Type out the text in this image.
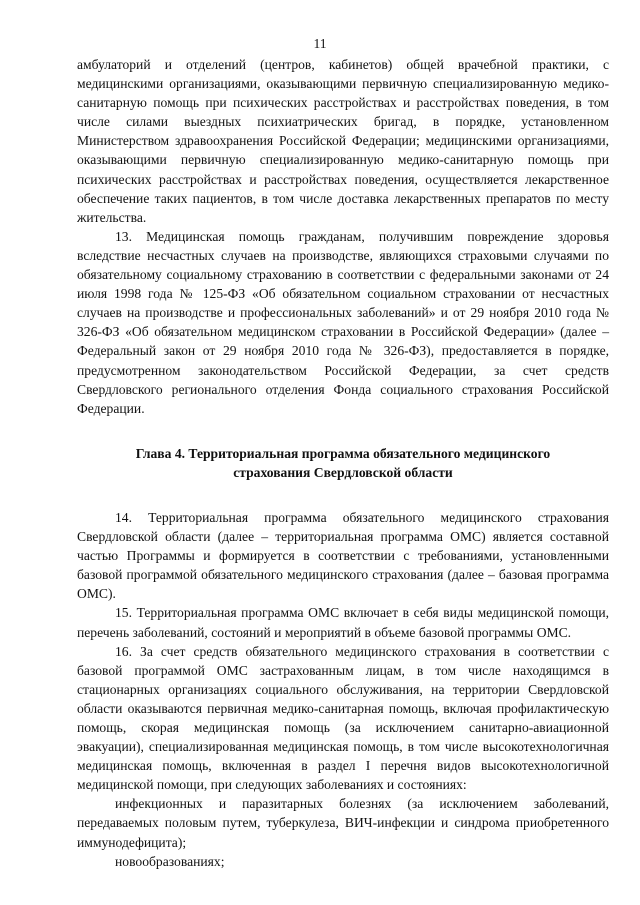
11

амбулаторий и отделений (центров, кабинетов) общей врачебной практики, с медицинскими организациями, оказывающими первичную специализированную медико-санитарную помощь при психических расстройствах и расстройствах поведения, в том числе силами выездных психиатрических бригад, в порядке, установленном Министерством здравоохранения Российской Федерации; медицинскими организациями, оказывающими первичную специализированную медико-санитарную помощь при психических расстройствах и расстройствах поведения, осуществляется лекарственное обеспечение таких пациентов, в том числе доставка лекарственных препаратов по месту жительства.

13. Медицинская помощь гражданам, получившим повреждение здоровья вследствие несчастных случаев на производстве, являющихся страховыми случаями по обязательному социальному страхованию в соответствии с федеральными законами от 24 июля 1998 года № 125-ФЗ «Об обязательном социальном страховании от несчастных случаев на производстве и профессиональных заболеваний» и от 29 ноября 2010 года № 326-ФЗ «Об обязательном медицинском страховании в Российской Федерации» (далее – Федеральный закон от 29 ноября 2010 года № 326-ФЗ), предоставляется в порядке, предусмотренном законодательством Российской Федерации, за счет средств Свердловского регионального отделения Фонда социального страхования Российской Федерации.

Глава 4. Территориальная программа обязательного медицинского страхования Свердловской области

14. Территориальная программа обязательного медицинского страхования Свердловской области (далее – территориальная программа ОМС) является составной частью Программы и формируется в соответствии с требованиями, установленными базовой программой обязательного медицинского страхования (далее – базовая программа ОМС).

15. Территориальная программа ОМС включает в себя виды медицинской помощи, перечень заболеваний, состояний и мероприятий в объеме базовой программы ОМС.

16. За счет средств обязательного медицинского страхования в соответствии с базовой программой ОМС застрахованным лицам, в том числе находящимся в стационарных организациях социального обслуживания, на территории Свердловской области оказываются первичная медико-санитарная помощь, включая профилактическую помощь, скорая медицинская помощь (за исключением санитарно-авиационной эвакуации), специализированная медицинская помощь, в том числе высокотехнологичная медицинская помощь, включенная в раздел I перечня видов высокотехнологичной медицинской помощи, при следующих заболеваниях и состояниях:

инфекционных и паразитарных болезнях (за исключением заболеваний, передаваемых половым путем, туберкулеза, ВИЧ-инфекции и синдрома приобретенного иммунодефицита);

новообразованиях;
